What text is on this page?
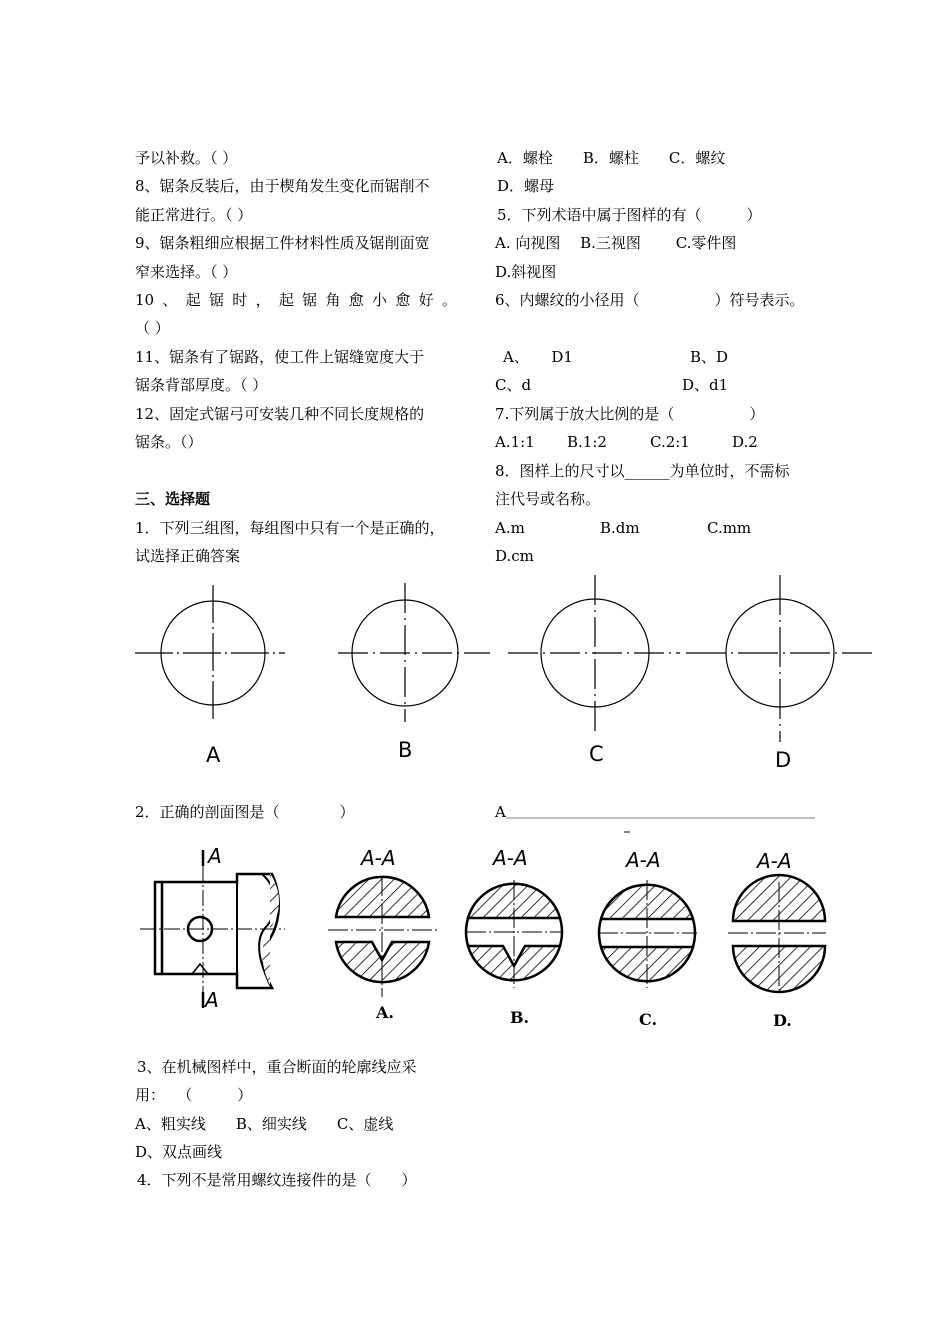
予以补救。（ ）
8、锯条反装后，由于楔角发生变化而锯削不
能正常进行。（ ）
9、锯条粗细应根据工件材料性质及锯削面宽
窄来选择。（ ）
10 、 起 锯 时 ， 起 锯 角 愈 小 愈 好 。
（ ）
11、锯条有了锯路，使工件上锯缝宽度大于
锯条背部厚度。（ ）
12、固定式锯弓可安装几种不同长度规格的
锯条。（）
三、选择题
1．下列三组图，每组图中只有一个是正确的，
试选择正确答案
A．螺栓　　B．螺柱　　C．螺纹
D．螺母
5．下列术语中属于图样的有（　　　）
A. 向视图　 B.三视图　　 C.零件图
D.斜视图
6、内螺纹的小径用（　　　　　）符号表示。
A、　　D1	B、D
C、d	D、d1
7.下列属于放大比例的是（　　　　　）
A.1:1 B.1:2	C.2:1	D.2
8．图样上的尺寸以______为单位时，不需标
注代号或名称。
A.m	B.dm	C.mm
D.cm
A	B	C	D
2．正确的剖面图是（　　　　）	A
A
A
A-A	A-A	A-A	A-A
A.	B.	C.	D.
3、在机械图样中，重合断面的轮廓线应采
用：　 （　　　）
A、粗实线　　B、细实线　　C、虚线
D、双点画线
4．下列不是常用螺纹连接件的是（　　）
